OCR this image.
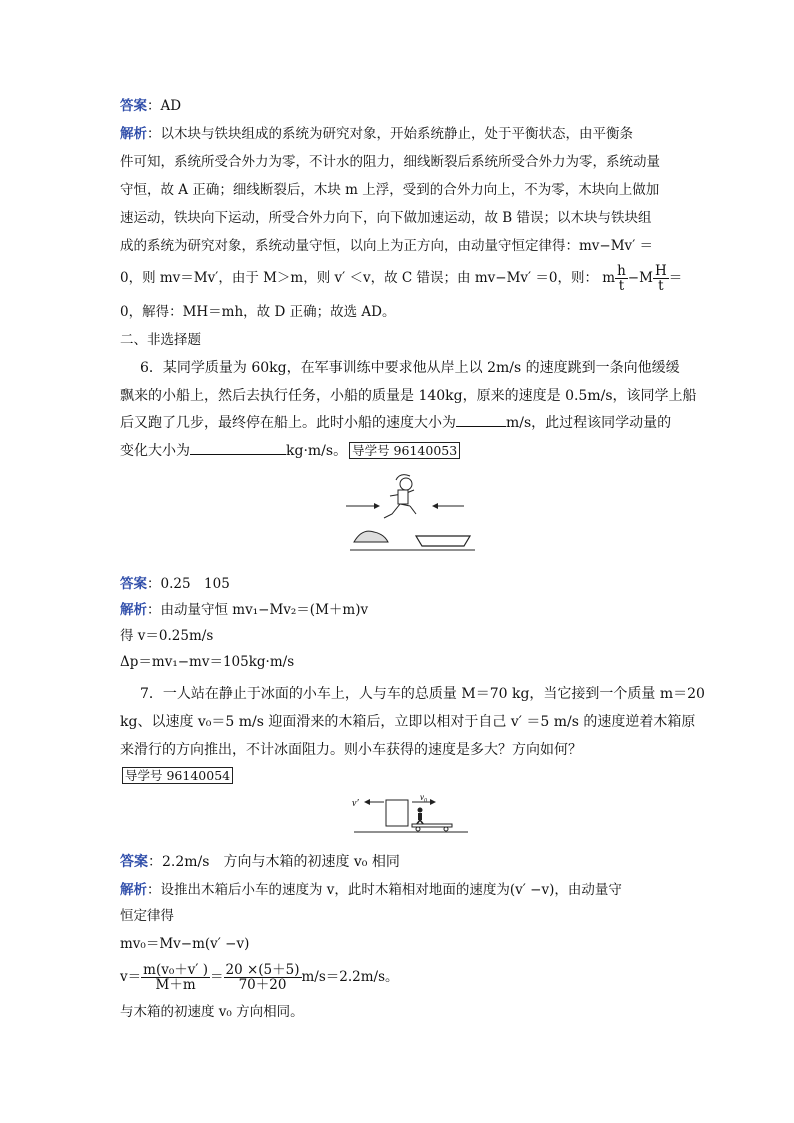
答案：AD
解析：以木块与铁块组成的系统为研究对象，开始系统静止，处于平衡状态，由平衡条
件可知，系统所受合外力为零，不计水的阻力，细线断裂后系统所受合外力为零，系统动量
守恒，故 A 正确；细线断裂后，木块 m 上浮，受到的合外力向上，不为零，木块向上做加
速运动，铁块向下运动，所受合外力向下，向下做加速运动，故 B 错误；以木块与铁块组
成的系统为研究对象，系统动量守恒，以向上为正方向，由动量守恒定律得：mv−Mv′ ＝
0，则 mv＝Mv′，由于 M＞m，则 v′ ＜v，故 C 错误；由 mv−Mv′ ＝0，则： m $\frac{h}{t} -M \frac{H}{t}$ ＝
0，解得：MH＝mh，故 D 正确；故选 AD。
二、非选择题
6．某同学质量为 60kg，在军事训练中要求他从岸上以 2m/s 的速度跳到一条向他缓缓
飘来的小船上，然后去执行任务，小船的质量是 140kg，原来的速度是 0.5m/s，该同学上船
后又跑了几步，最终停在船上。此时小船的速度大小为	m/s，此过程该同学动量的
变化大小为	kg·m/s。 导学号 96140053
答案：0.25　105
解析：由动量守恒 mv₁−Mv₂＝(M＋m)v
得 v＝0.25m/s
Δp＝mv₁−mv＝105kg·m/s
7．一人站在静止于冰面的小车上，人与车的总质量 M＝70 kg，当它接到一个质量 m＝20
kg、以速度 v₀＝5 m/s 迎面滑来的木箱后，立即以相对于自己 v′ ＝5 m/s 的速度逆着木箱原
来滑行的方向推出，不计冰面阻力。则小车获得的速度是多大？方向如何？
导学号 96140054
v′
v₀
答案：2.2m/s　方向与木箱的初速度 v₀ 相同
解析：设推出木箱后小车的速度为 v，此时木箱相对地面的速度为(v′ −v)，由动量守
恒定律得
mv₀＝Mv−m(v′ −v)
$v= \frac{\text{m(v₀＋v′ )}}{M+m} = \frac{20 \times(5+5)}{70+20} m/s=2.2m/s$。
与木箱的初速度 v₀ 方向相同。
